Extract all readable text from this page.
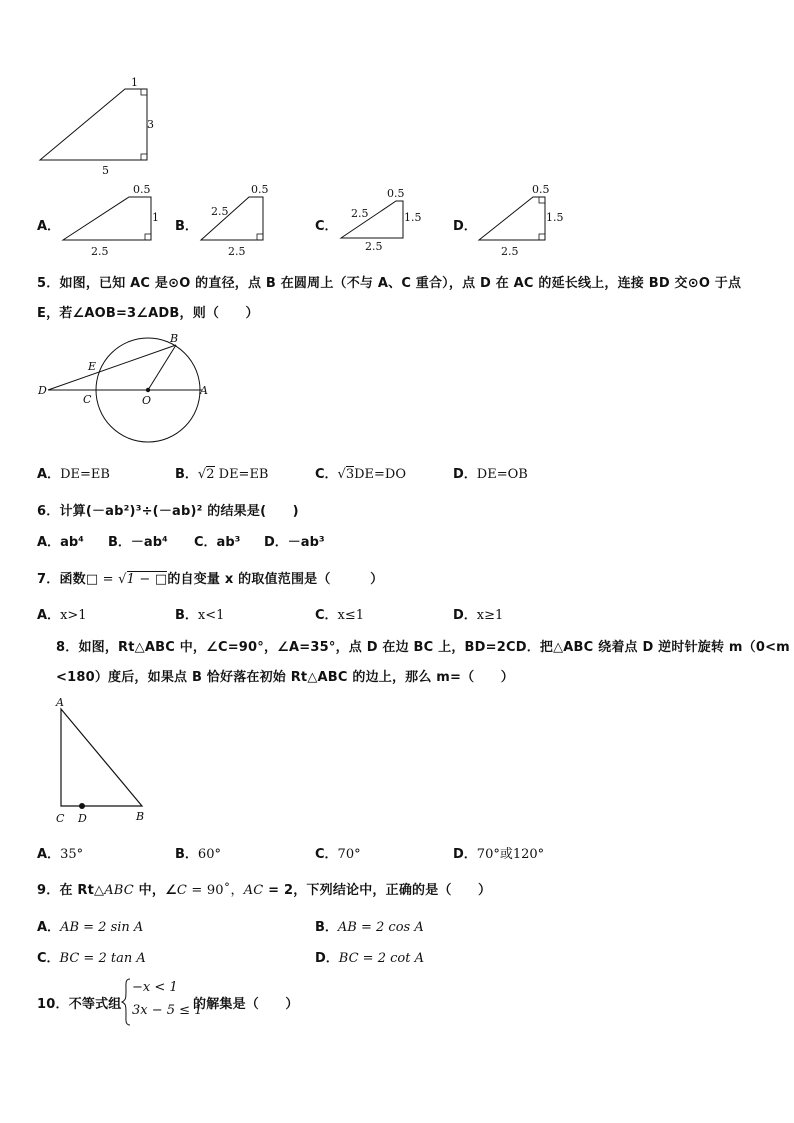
1
3
5
A．
0.5
1
2.5
B．
0.5
2.5
2.5
C．
0.5
2.5	1.5
2.5
D．
0.5
1.5
2.5
5．如图，已知 AC 是⊙O 的直径，点 B 在圆周上（不与 A、C 重合），点 D 在 AC 的延长线上，连接 BD 交⊙O 于点
E，若∠AOB=3∠ADB，则（　　）
D
E
C	O
A
B
A．DE=EB	B．√2 DE=EB	C．√3DE=DO	D．DE=OB
6．计算(－ab²)³÷(－ab)² 的结果是(　　)
A．ab⁴ B．－ab⁴ C．ab³ D．－ab³
7．函数□ = √1 − □的自变量 x 的取值范围是（　　　）
A．x>1	B．x<1	C．x≤1	D．x≥1
8．如图，Rt△ABC 中，∠C=90°，∠A=35°，点 D 在边 BC 上，BD=2CD．把△ABC 绕着点 D 逆时针旋转 m（0<m
<180）度后，如果点 B 恰好落在初始 Rt△ABC 的边上，那么 m=（　　）
A
C D	B
A．35°	B．60°	C．70°	D．70°或120°
9．在 Rt△ABC 中，∠C = 90˚，AC = 2，下列结论中，正确的是（　　）
A．AB = 2 sin A	B．AB = 2 cos A
C．BC = 2 tan A	D．BC = 2 cot A
10．不等式组
−x < 1
3x − 5 ≤ 1
的解集是（　　）
